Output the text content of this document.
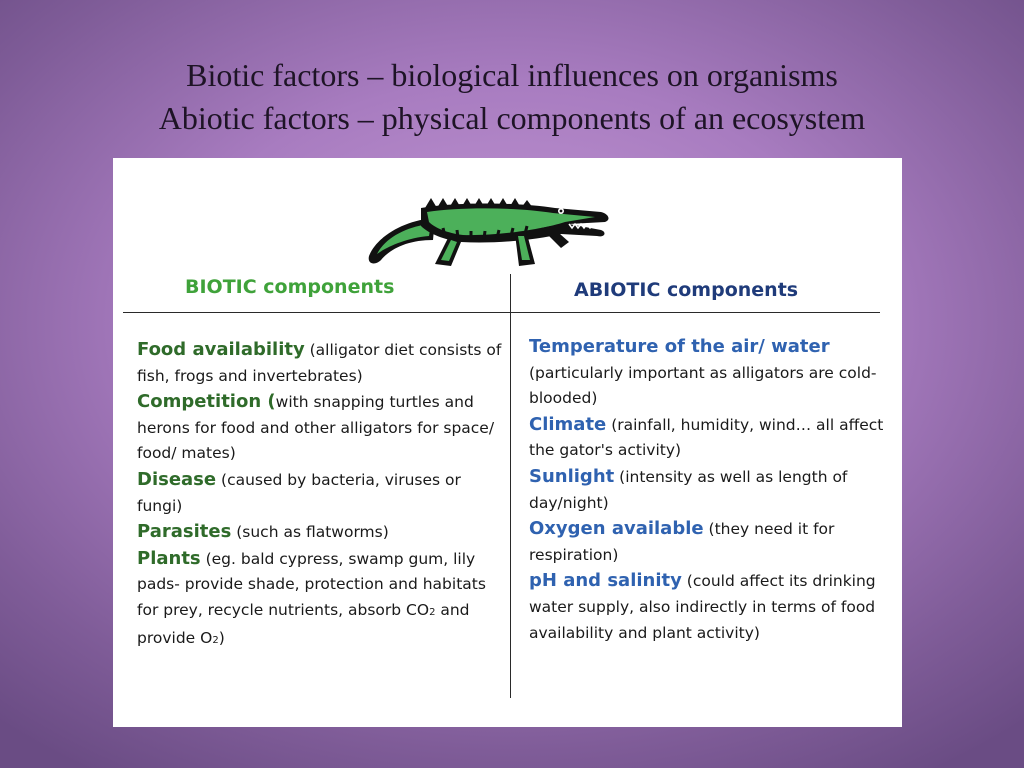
Biotic factors – biological influences on organisms
Abiotic factors – physical components of an ecosystem
BIOTIC components	ABIOTIC components

Food availability (alligator diet consists of fish, frogs and invertebrates)

Competition (with snapping turtles and herons for food and other alligators for space/ food/ mates)

Disease (caused by bacteria, viruses or fungi)

Parasites (such as flatworms)

Plants (eg. bald cypress, swamp gum, lily pads- provide shade, protection and habitats for prey, recycle nutrients, absorb CO2 and provide O2)

Temperature of the air/ water (particularly important as alligators are cold-blooded)

Climate (rainfall, humidity, wind… all affect the gator's activity)

Sunlight (intensity as well as length of day/night)

Oxygen available (they need it for respiration)

pH and salinity (could affect its drinking water supply, also indirectly in terms of food availability and plant activity)
